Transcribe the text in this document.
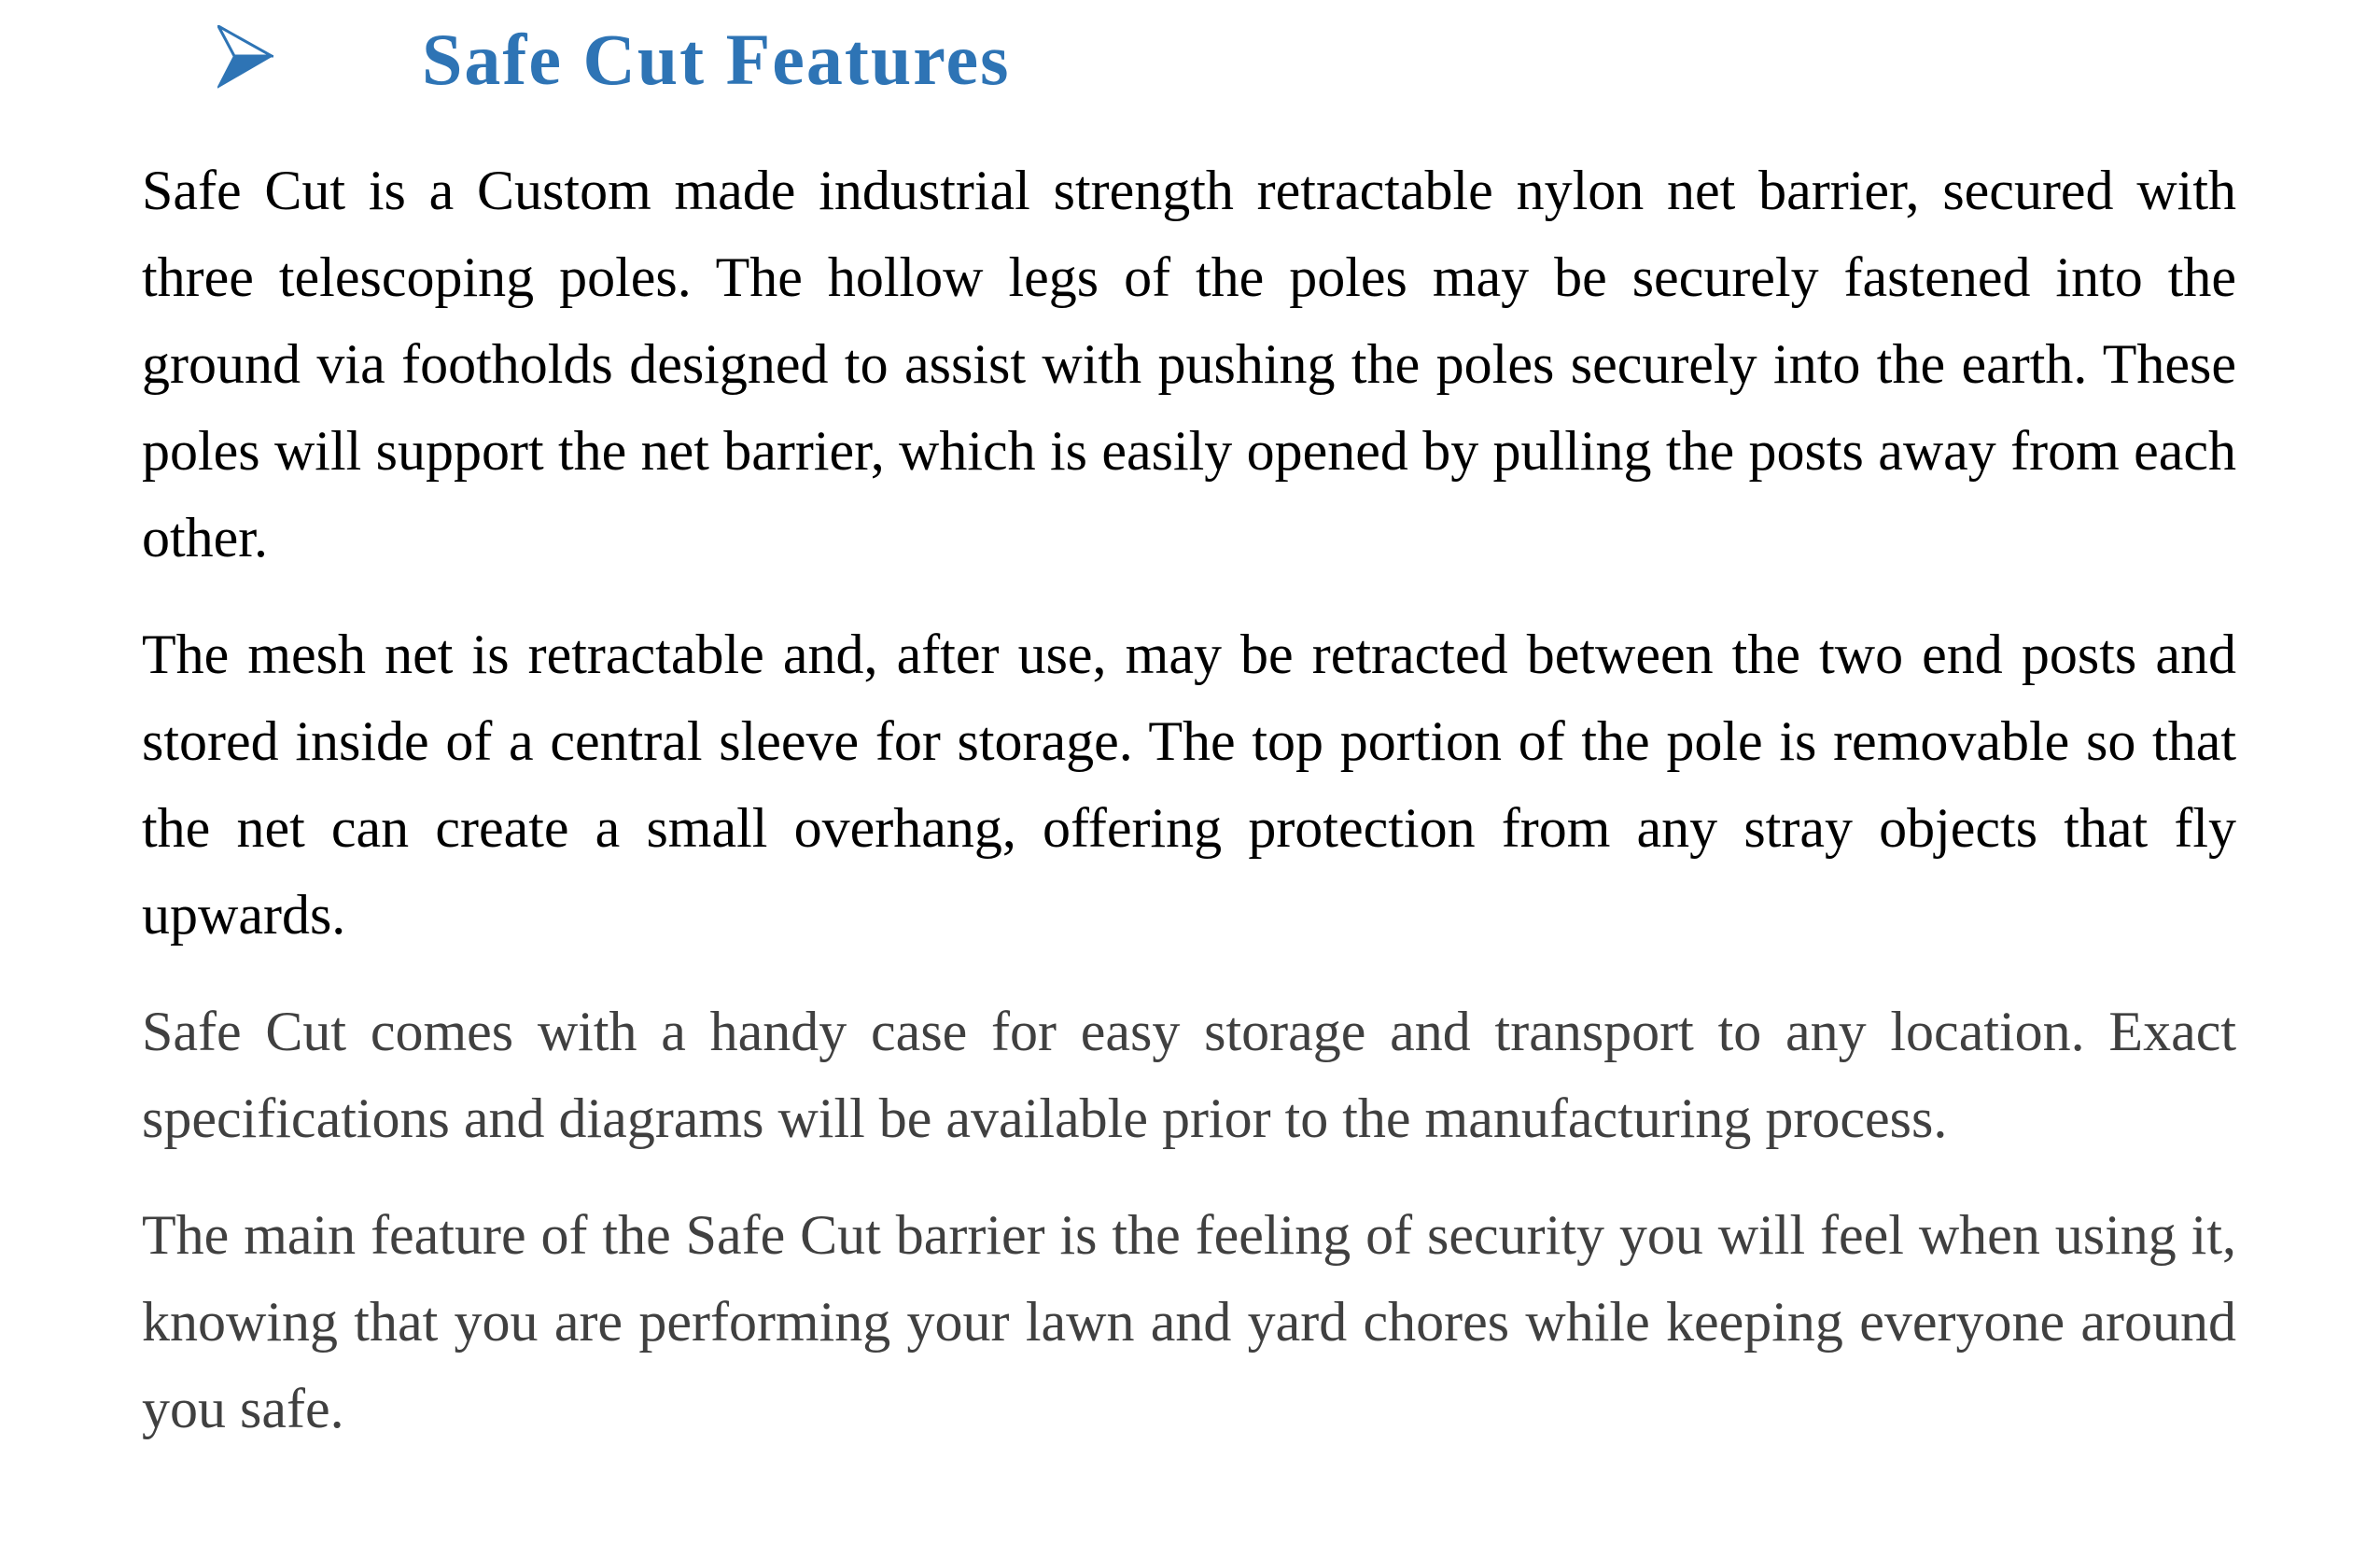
Safe Cut Features

Safe Cut is a Custom made industrial strength retractable nylon net barrier, secured with three telescoping poles. The hollow legs of the poles may be securely fastened into the ground via footholds designed to assist with pushing the poles securely into the earth. These poles will support the net barrier, which is easily opened by pulling the posts away from each other.

The mesh net is retractable and, after use, may be retracted between the two end posts and stored inside of a central sleeve for storage. The top portion of the pole is removable so that the net can create a small overhang, offering protection from any stray objects that fly upwards.

Safe Cut comes with a handy case for easy storage and transport to any location. Exact specifications and diagrams will be available prior to the manufacturing process.

The main feature of the Safe Cut barrier is the feeling of security you will feel when using it, knowing that you are performing your lawn and yard chores while keeping everyone around you safe.
